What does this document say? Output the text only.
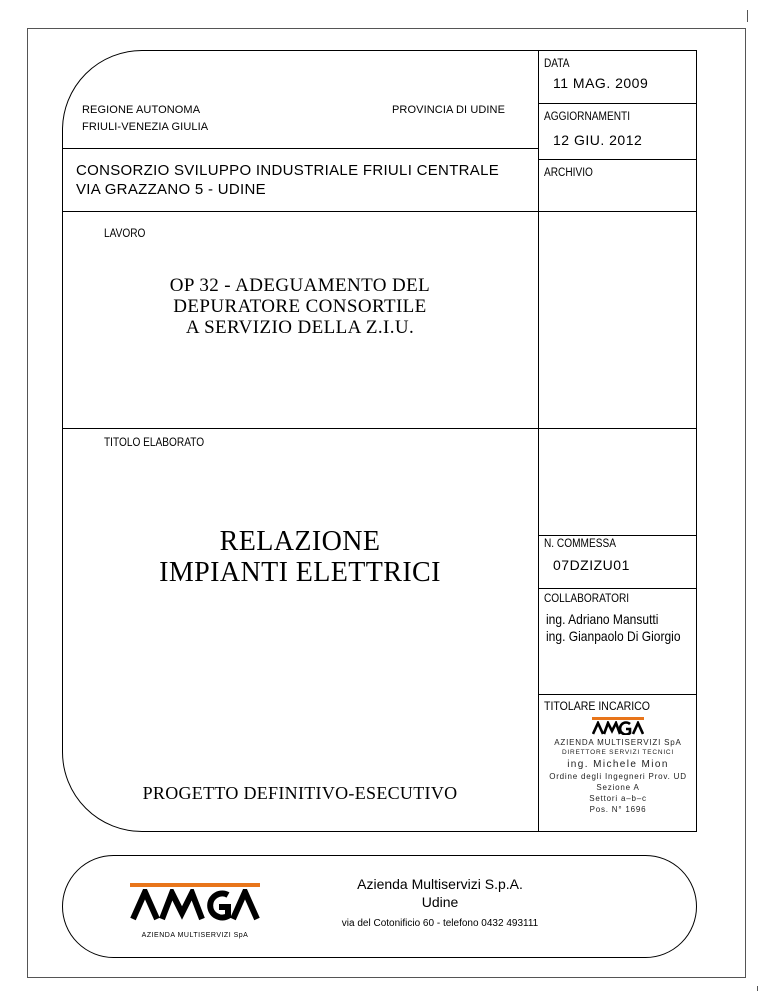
REGIONE AUTONOMA
FRIULI-VENEZIA GIULIA
PROVINCIA DI UDINE
CONSORZIO SVILUPPO INDUSTRIALE FRIULI CENTRALE
VIA GRAZZANO 5 - UDINE
DATA
11 MAG. 2009
AGGIORNAMENTI
12 GIU. 2012
ARCHIVIO
N. COMMESSA
07DZIZU01
COLLABORATORI
ing. Adriano Mansutti
ing. Gianpaolo Di Giorgio
TITOLARE INCARICO
AZIENDA MULTISERVIZI SpA
DIRETTORE SERVIZI TECNICI
ing. Michele Mion
Ordine degli Ingegneri Prov. UD
Sezione A
Settori a–b–c
Pos. N° 1696
LAVORO
OP 32 - ADEGUAMENTO DEL
DEPURATORE CONSORTILE
A SERVIZIO DELLA Z.I.U.
TITOLO ELABORATO
RELAZIONE
IMPIANTI ELETTRICI
PROGETTO DEFINITIVO-ESECUTIVO
AZIENDA MULTISERVIZI SpA
Azienda Multiservizi S.p.A.
Udine
via del Cotonificio 60 - telefono 0432 493111
